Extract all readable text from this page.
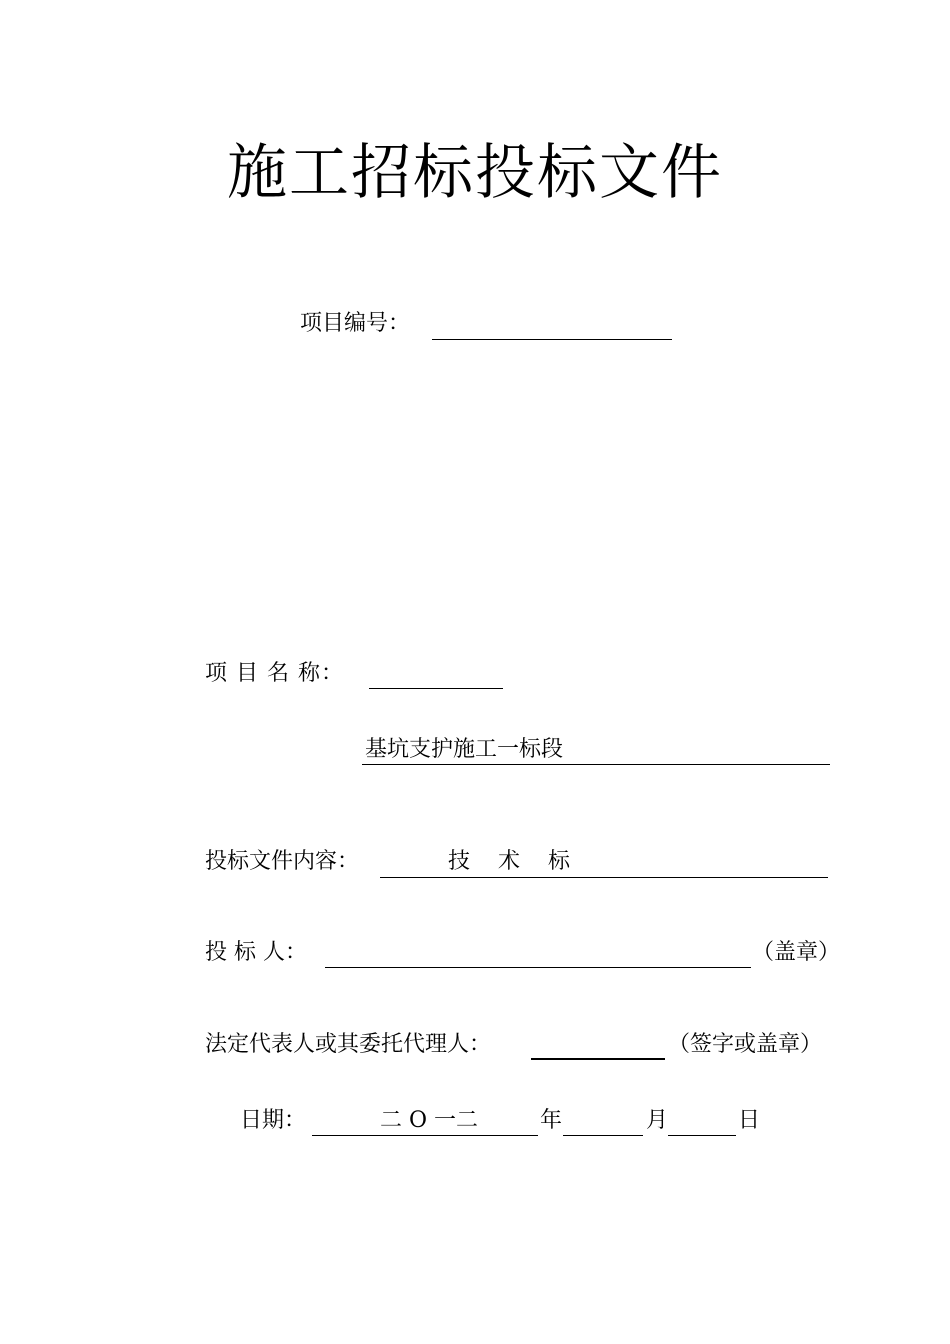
施工招标投标文件
项目编号：
项 目 名 称：
基坑支护施工一标段
投标文件内容：	技    术    标
投 标 人：	（盖章）
法定代表人或其委托代理人：	（签字或盖章）
日期：	二 O 一二	年	月	日
